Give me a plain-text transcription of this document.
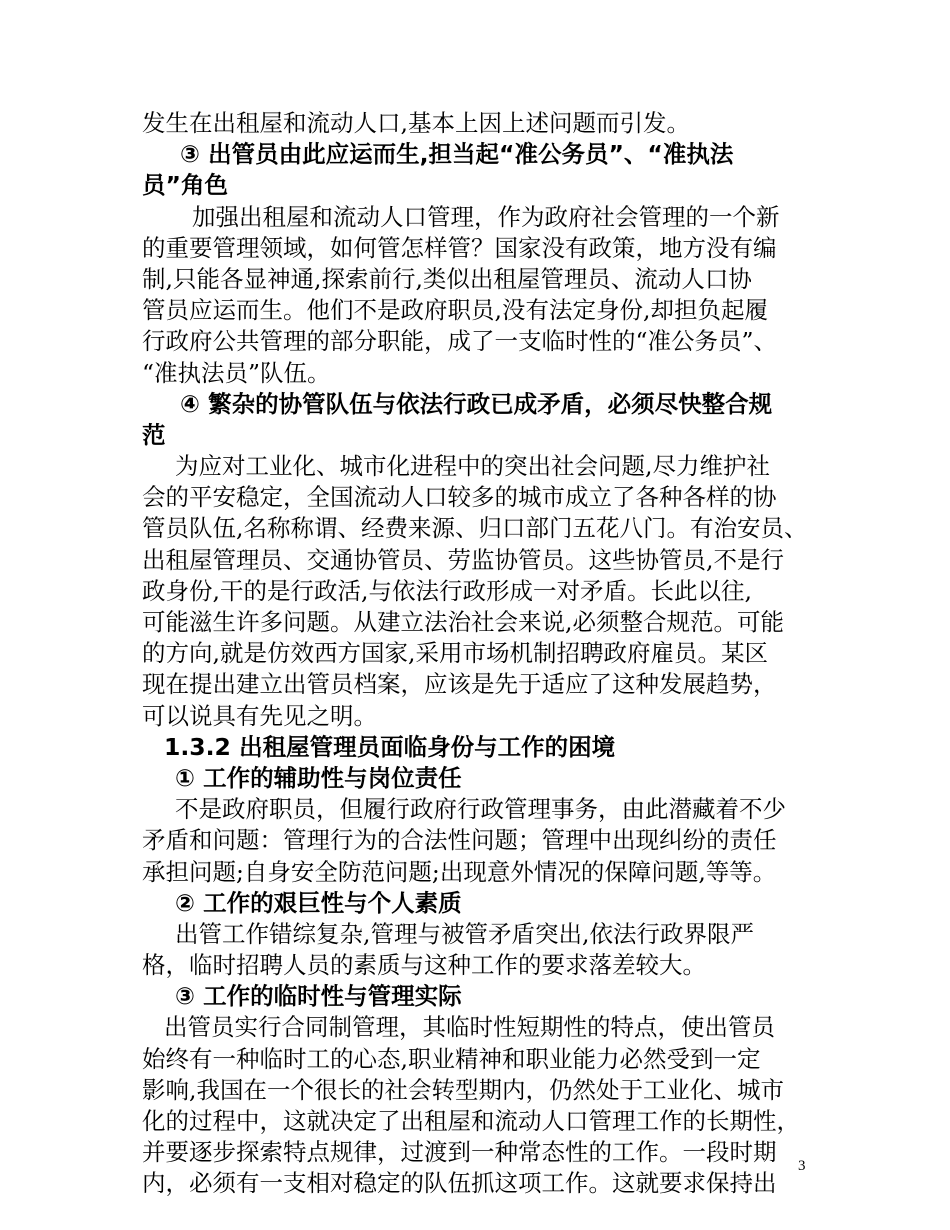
发生在出租屋和流动人口,基本上因上述问题而引发。
③ 出管员由此应运而生,担当起“准公务员”、“准执法
员”角色
加强出租屋和流动人口管理，作为政府社会管理的一个新
的重要管理领域，如何管怎样管？国家没有政策，地方没有编
制,只能各显神通,探索前行,类似出租屋管理员、流动人口协
管员应运而生。他们不是政府职员,没有法定身份,却担负起履
行政府公共管理的部分职能，成了一支临时性的“准公务员”、
“准执法员”队伍。
④ 繁杂的协管队伍与依法行政已成矛盾，必须尽快整合规
范
为应对工业化、城市化进程中的突出社会问题,尽力维护社
会的平安稳定，全国流动人口较多的城市成立了各种各样的协
管员队伍,名称称谓、经费来源、归口部门五花八门。有治安员、
出租屋管理员、交通协管员、劳监协管员。这些协管员,不是行
政身份,干的是行政活,与依法行政形成一对矛盾。长此以往,
可能滋生许多问题。从建立法治社会来说,必须整合规范。可能
的方向,就是仿效西方国家,采用市场机制招聘政府雇员。某区
现在提出建立出管员档案，应该是先于适应了这种发展趋势，
可以说具有先见之明。
1.3.2 出租屋管理员面临身份与工作的困境
① 工作的辅助性与岗位责任
不是政府职员，但履行政府行政管理事务，由此潜藏着不少
矛盾和问题：管理行为的合法性问题；管理中出现纠纷的责任
承担问题;自身安全防范问题;出现意外情况的保障问题,等等。
② 工作的艰巨性与个人素质
出管工作错综复杂,管理与被管矛盾突出,依法行政界限严
格，临时招聘人员的素质与这种工作的要求落差较大。
③ 工作的临时性与管理实际
出管员实行合同制管理，其临时性短期性的特点，使出管员
始终有一种临时工的心态,职业精神和职业能力必然受到一定
影响,我国在一个很长的社会转型期内，仍然处于工业化、城市
化的过程中，这就决定了出租屋和流动人口管理工作的长期性，
并要逐步探索特点规律，过渡到一种常态性的工作。一段时期
内，必须有一支相对稳定的队伍抓这项工作。这就要求保持出
3
